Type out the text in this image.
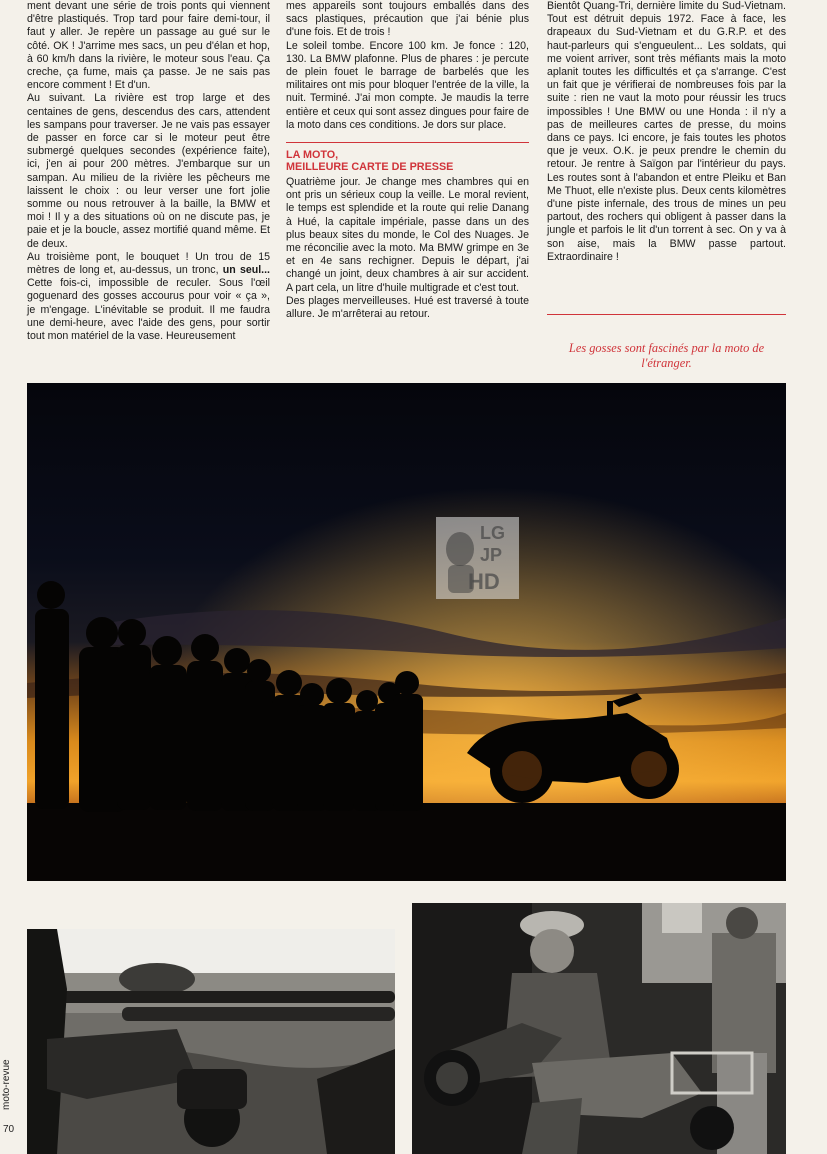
ment devant une série de trois ponts qui viennent d'être plastiqués. Trop tard pour faire demi-tour, il faut y aller. Je repère un passage au gué sur le côté. OK ! J'arrime mes sacs, un peu d'élan et hop, à 60 km/h dans la rivière, le moteur sous l'eau. Ça creche, ça fume, mais ça passe. Je ne sais pas encore comment ! Et d'un.

Au suivant. La rivière est trop large et des centaines de gens, descendus des cars, attendent les sampans pour traverser. Je ne vais pas essayer de passer en force car si le moteur peut être submergé quelques secondes (expérience faite), ici, j'en ai pour 200 mètres. J'embarque sur un sampan. Au milieu de la rivière les pêcheurs me laissent le choix : ou leur verser une fort jolie somme ou nous retrouver à la baille, la BMW et moi ! Il y a des situations où on ne discute pas, je paie et je la boucle, assez mortifié quand même. Et de deux.

Au troisième pont, le bouquet ! Un trou de 15 mètres de long et, au-dessus, un tronc, un seul... Cette fois-ci, impossible de reculer. Sous l'œil goguenard des gosses accourus pour voir « ça », je m'engage. L'inévitable se produit. Il me faudra une demi-heure, avec l'aide des gens, pour sortir tout mon matériel de la vase. Heureusement

mes appareils sont toujours emballés dans des sacs plastiques, précaution que j'ai bénie plus d'une fois. Et de trois !

Le soleil tombe. Encore 100 km. Je fonce : 120, 130. La BMW plafonne. Plus de phares : je percute de plein fouet le barrage de barbelés que les militaires ont mis pour bloquer l'entrée de la ville, la nuit. Terminé. J'ai mon compte. Je maudis la terre entière et ceux qui sont assez dingues pour faire de la moto dans ces conditions. Je dors sur place.

LA MOTO,
MEILLEURE CARTE DE PRESSE

Quatrième jour. Je change mes chambres qui en ont pris un sérieux coup la veille. Le moral revient, le temps est splendide et la route qui relie Danang à Hué, la capitale impériale, passe dans un des plus beaux sites du monde, le Col des Nuages. Je me réconcilie avec la moto. Ma BMW grimpe en 3e et en 4e sans rechigner. Depuis le départ, j'ai changé un joint, deux chambres à air sur accident. A part cela, un litre d'huile multigrade et c'est tout.

Des plages merveilleuses. Hué est traversé à toute allure. Je m'arrêterai au retour.

Bientôt Quang-Tri, dernière limite du Sud-Vietnam. Tout est détruit depuis 1972. Face à face, les drapeaux du Sud-Vietnam et du G.R.P. et des haut-parleurs qui s'engueulent... Les soldats, qui me voient arriver, sont très méfiants mais la moto aplanit toutes les difficultés et ça s'arrange. C'est un fait que je vérifierai de nombreuses fois par la suite : rien ne vaut la moto pour réussir les trucs impossibles ! Une BMW ou une Honda : il n'y a pas de meilleures cartes de presse, du moins dans ce pays. Ici encore, je fais toutes les photos que je veux. O.K. je peux prendre le chemin du retour. Je rentre à Saïgon par l'intérieur du pays. Les routes sont à l'abandon et entre Pleiku et Ban Me Thuot, elle n'existe plus. Deux cents kilomètres d'une piste infernale, des trous de mines un peu partout, des rochers qui obligent à passer dans la jungle et parfois le lit d'un torrent à sec. On y va à son aise, mais la BMW passe partout. Extraordinaire !

Les gosses sont fascinés par la moto de l'étranger.
LG
JP
HD
moto-revue
70
